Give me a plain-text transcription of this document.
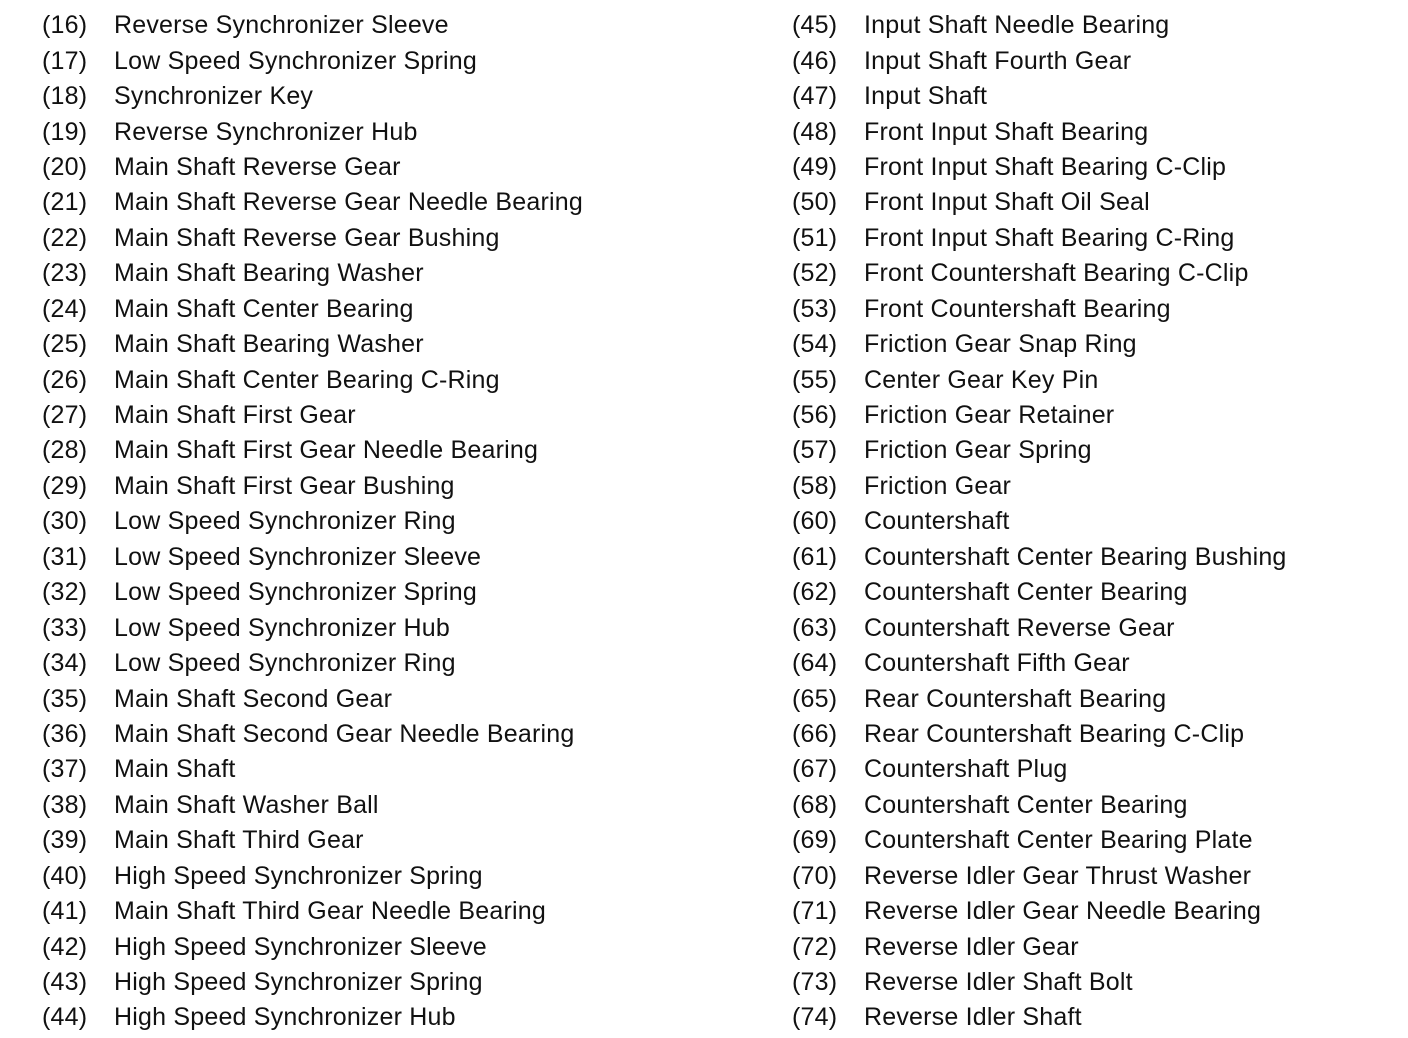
(16)	Reverse Synchronizer Sleeve
(17)	Low Speed Synchronizer Spring
(18)	Synchronizer Key
(19)	Reverse Synchronizer Hub
(20)	Main Shaft Reverse Gear
(21)	Main Shaft Reverse Gear Needle Bearing
(22)	Main Shaft Reverse Gear Bushing
(23)	Main Shaft Bearing Washer
(24)	Main Shaft Center Bearing
(25)	Main Shaft Bearing Washer
(26)	Main Shaft Center Bearing C-Ring
(27)	Main Shaft First Gear
(28)	Main Shaft First Gear Needle Bearing
(29)	Main Shaft First Gear Bushing
(30)	Low Speed Synchronizer Ring
(31)	Low Speed Synchronizer Sleeve
(32)	Low Speed Synchronizer Spring
(33)	Low Speed Synchronizer Hub
(34)	Low Speed Synchronizer Ring
(35)	Main Shaft Second Gear
(36)	Main Shaft Second Gear Needle Bearing
(37)	Main Shaft
(38)	Main Shaft Washer Ball
(39)	Main Shaft Third Gear
(40)	High Speed Synchronizer Spring
(41)	Main Shaft Third Gear Needle Bearing
(42)	High Speed Synchronizer Sleeve
(43)	High Speed Synchronizer Spring
(44)	High Speed Synchronizer Hub
(45)	Input Shaft Needle Bearing
(46)	Input Shaft Fourth Gear
(47)	Input Shaft
(48)	Front Input Shaft Bearing
(49)	Front Input Shaft Bearing C-Clip
(50)	Front Input Shaft Oil Seal
(51)	Front Input Shaft Bearing C-Ring
(52)	Front Countershaft Bearing C-Clip
(53)	Front Countershaft Bearing
(54)	Friction Gear Snap Ring
(55)	Center Gear Key Pin
(56)	Friction Gear Retainer
(57)	Friction Gear Spring
(58)	Friction Gear
(60)	Countershaft
(61)	Countershaft Center Bearing Bushing
(62)	Countershaft Center Bearing
(63)	Countershaft Reverse Gear
(64)	Countershaft Fifth Gear
(65)	Rear Countershaft Bearing
(66)	Rear Countershaft Bearing C-Clip
(67)	Countershaft Plug
(68)	Countershaft Center Bearing
(69)	Countershaft Center Bearing Plate
(70)	Reverse Idler Gear Thrust Washer
(71)	Reverse Idler Gear Needle Bearing
(72)	Reverse Idler Gear
(73)	Reverse Idler Shaft Bolt
(74)	Reverse Idler Shaft
